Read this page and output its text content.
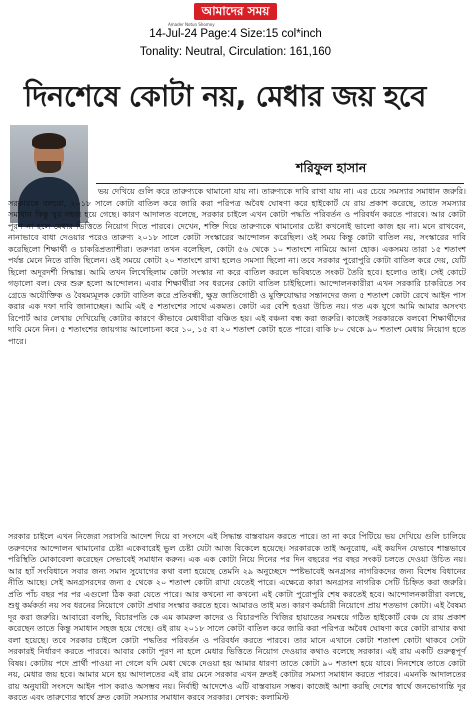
আমাদের সময়
Amader Notun Shomoy
14-Jul-24 Page:4 Size:15 col*inch
Tonality: Neutral, Circulation: 161,160
দিনশেষে কোটা নয়, মেধার জয় হবে
শরিফুল হাসান
ভয় দেখিয়ে গুলি করে তারুণ্যকে থামানো যায় না। তারুণ্যকে দাবি রাখা যায় না। এর চেয়ে সমস্যার সমাধান জরুরি। সরকারকে বলবো, ২০১৮ সালে কোটা বাতিল করে জারি করা পরিপত্র অবৈধ ঘোষণা করে হাইকোর্ট যে রায় প্রকাশ করেছে, তাতে সমস্যার সমাধান কিন্তু খুব সহজ হয়ে গেছে। কারণ আদালত বলেছে, সরকার চাইলে এখন কোটা পদ্ধতি পরিবর্তন ও পরিবর্ধন করতে পারবে। আর কোটা পূরণ না হলে মেধার ভিত্তিতে নিয়োগ দিতে পারবে। দেখেন, শক্তি দিয়ে তারুণ্যকে থামানোর চেষ্টা কখনোই ভালো কাজ হয় না। মনে রাখবেন, নানাভাবে বাধা দেওয়ার পরেও তারুণ্য ২০১৮ সালে কোটা সংস্কারের আন্দোলন করেছিল। ওই সময় কিন্তু কোটা বাতিল নয়, সংস্কারের দাবি করেছিলো শিক্ষার্থী ও চাকরিপ্রত্যাশীরা। তরুণরা তখন বলেছিল, কোটা ৫৬ থেকে ১০ শতাংশে নামিয়ে আনা হোক। একসময় তারা ১৫ শতাংশ পর্যন্ত মেনে নিতে রাজি ছিলেন। ওই সময়ে কোটা ২০ শতাংশে রাখা হলেও সমস্যা ছিলো না। তবে সরকার পুরোপুরি কোটা বাতিল করে দেয়, যেটি ছিলো অদূরদর্শী সিদ্ধান্ত। আমি তখন লিখেছিলাম কোটা সংস্কার না করে বাতিল করলে ভবিষ্যতে সংকট তৈরি হবে। হলোও তাই। সেই কোটে গড়ালো বল। ফের শুরু হলো আন্দোলন। এবার শিক্ষার্থীরা সব ধরনের কোটা বাতিল চাইছিলো। আন্দোলনকারীরা এখন সরকারি চাকরিতে সব গ্রেডে অযৌক্তিক ও বৈষম্যমূলক কোটা বাতিল করে প্রতিবন্ধী, ক্ষুদ্র জাতিগোষ্ঠী ও মুক্তিযোদ্ধার সন্তানদের জন্য ৫ শতাংশ কোটা রেখে আইন পাস করার এক দফা দাবি জানাচ্ছেন। আমি এই ৫ শতাংশের সাথে একমত। কোটা এর বেশি হওয়া উচিত নয়। গত এক যুগে আমি আমার অসংখ্য রিপোর্ট আর লেখায় দেখিয়েছি কোটার কারণে কীভাবে মেধাবীরা বঞ্চিত হয়। এই বঞ্চনা বন্ধ করা জরুরি। কাজেই সরকারকে বলবো শিক্ষার্থীদের দাবি মেনে নিন। ৫ শতাংশের জায়গায় আলোচনা করে ১০, ১৫ বা ২০ শতাংশ কোটা হতে পারে। বাকি ৮০ থেকে ৯০ শতাংশ মেধায় নিয়োগ হতে পারে।
সরকার চাইলে এখন নিজেরা সরাসরি আদেশ দিয়ে বা সংসদে এই সিদ্ধান্ত বাস্তবায়ন করতে পারে। তা না করে পিটিয়ে ভয় দেখিয়ে গুলি চালিয়ে তরুণদের আন্দোলন থামানোর চেষ্টা একেবারেই ভুল চেষ্টা যেটা আজ বিকেলে হয়েছে। সরকারকে তাই অনুরোধ, এই কয়দিন যেভাবে শান্তভাবে পরিস্থিতি মোকাবেলা করেছেন সেভাবেই সমাধান করুন। এক এক কোটা নিয়ে দিনের পর দিন বছরের পর বছর সংকট চলতে দেওয়া উচিত নয়। আর হ্যাঁ সংবিধানে সবার জন্য সমান সুযোগের কথা বলা হয়েছে তেমনি ২৯ অনুচ্ছেদে স্পষ্টভাবেই অনগ্রসর নাগরিকদের জন্য বিশেষ বিধানের নীতি আছে। সেই অনগ্রসরদের জন্য ৫ থেকে ২০ শতাংশ কোটা রাখা যেতেই পারে। এক্ষেত্রে কারা অনগ্রসর নাগরিক সেটি চিহ্নিত করা জরুরি। প্রতি পাঁচ বছর পর পর এগুলো ঠিক করা যেতে পারে। আর কখনো না কখনো এই কোটা পুরোপুরি শেষ করতেই হবে। আন্দোলনকারীরা বলছে, শুধু কর্মকর্তা নয় সব ধরনের নিয়োগে কোটা প্রথার সংস্কার করতে হবে। আমারও তাই মত। কারণ কর্মচারী নিয়োগে প্রায় শতভাগ কোটা। এই বৈষম্য দূর করা জরুরি। আবারো বলছি, বিচারপতি কে এম কামরুল কাদের ও বিচারপতি খিজির হায়াতের সমন্বয়ে গঠিত হাইকোর্ট বেঞ্চ যে রায় প্রকাশ করেছেন তাতে কিন্তু সমাধান সহজ হয়ে গেছে। ওই রায় ২০১৮ সালে কোটা বাতিল করে জারি করা পরিপত্র অবৈধ ঘোষণা করে কোটা রাখার কথা বলা হয়েছে। তবে সরকার চাইলে কোটা পদ্ধতির পরিবর্তন ও পরিবর্ধন করতে পারবে। তার মানে এখানে কোটা শতাংশ কোটা থাকবে সেটা সরকারই নির্ধারণ করতে পারবে। আবার কোটা পূরণ না হলে মেধার ভিত্তিতে নিয়োগ দেওয়ার কথাও বলেছে সরকার। এই রায় একটি গুরুত্বপূর্ণ বিষয়। কোটায় পদে প্রার্থী পাওয়া না গেলে যদি মেধা থেকে দেওয়া হয় আমার ধারণা তাতে কোটা ৯০ শতাংশ হয়ে যাবে। দিনশেষে তাতে কোটা নয়, মেধার জয় হবে। আমার মনে হয় আদালতের এই রায় মেনে সরকার এখন দ্রুতই কোটার সমস্যা সমাধান করতে পারবে। এমনকি আদালতের রায় অনুযায়ী সংসদে আইন পাস করাও অসম্ভব নয়। নির্বাহী আদেশেও এটি বাস্তবায়ন সম্ভব। কাজেই আশা করছি দেশের স্বার্থে জনভোগান্তি দূর করতে এবং তারুণ্যের স্বার্থে দ্রুত কোটা সমস্যার সমাধান করবে সরকার। লেখক: কলামিস্ট
